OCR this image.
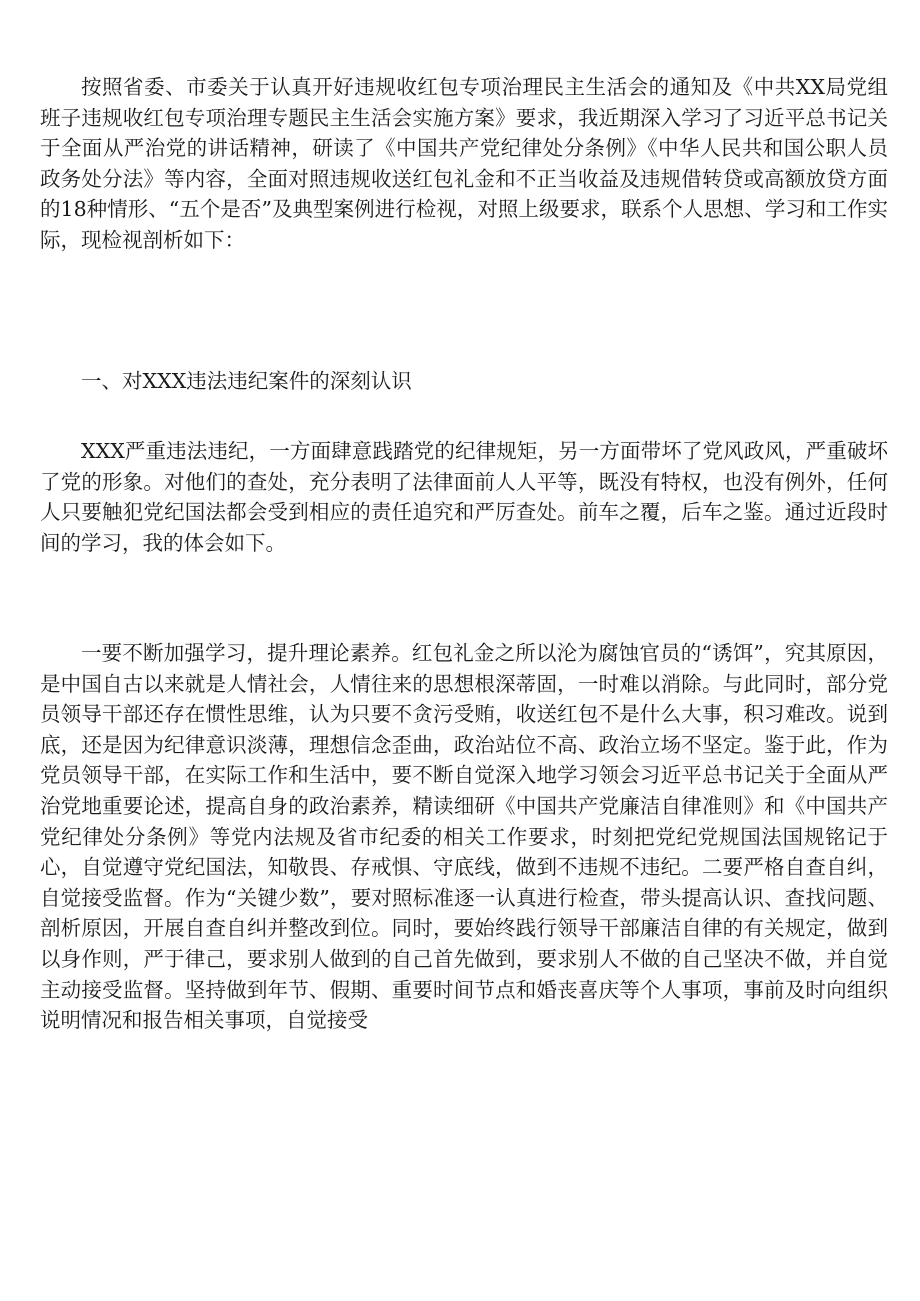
按照省委、市委关于认真开好违规收红包专项治理民主生活会的通知及《中共XX局党组班子违规收红包专项治理专题民主生活会实施方案》要求，我近期深入学习了习近平总书记关于全面从严治党的讲话精神，研读了《中国共产党纪律处分条例》《中华人民共和国公职人员政务处分法》等内容，全面对照违规收送红包礼金和不正当收益及违规借转贷或高额放贷方面的18种情形、“五个是否”及典型案例进行检视，对照上级要求，联系个人思想、学习和工作实际，现检视剖析如下：

一、对XXX违法违纪案件的深刻认识

XXX严重违法违纪，一方面肆意践踏党的纪律规矩，另一方面带坏了党风政风，严重破坏了党的形象。对他们的查处，充分表明了法律面前人人平等，既没有特权，也没有例外，任何人只要触犯党纪国法都会受到相应的责任追究和严厉查处。前车之覆，后车之鉴。通过近段时间的学习，我的体会如下。

一要不断加强学习，提升理论素养。红包礼金之所以沦为腐蚀官员的“诱饵”，究其原因，是中国自古以来就是人情社会，人情往来的思想根深蒂固，一时难以消除。与此同时，部分党员领导干部还存在惯性思维，认为只要不贪污受贿，收送红包不是什么大事，积习难改。说到底，还是因为纪律意识淡薄，理想信念歪曲，政治站位不高、政治立场不坚定。鉴于此，作为党员领导干部，在实际工作和生活中，要不断自觉深入地学习领会习近平总书记关于全面从严治党地重要论述，提高自身的政治素养，精读细研《中国共产党廉洁自律准则》和《中国共产党纪律处分条例》等党内法规及省市纪委的相关工作要求，时刻把党纪党规国法国规铭记于心，自觉遵守党纪国法，知敬畏、存戒惧、守底线，做到不违规不违纪。二要严格自查自纠，自觉接受监督。作为“关键少数”，要对照标准逐一认真进行检查，带头提高认识、查找问题、剖析原因，开展自查自纠并整改到位。同时，要始终践行领导干部廉洁自律的有关规定，做到以身作则，严于律己，要求别人做到的自己首先做到，要求别人不做的自己坚决不做，并自觉主动接受监督。坚持做到年节、假期、重要时间节点和婚丧喜庆等个人事项，事前及时向组织说明情况和报告相关事项，自觉接受
